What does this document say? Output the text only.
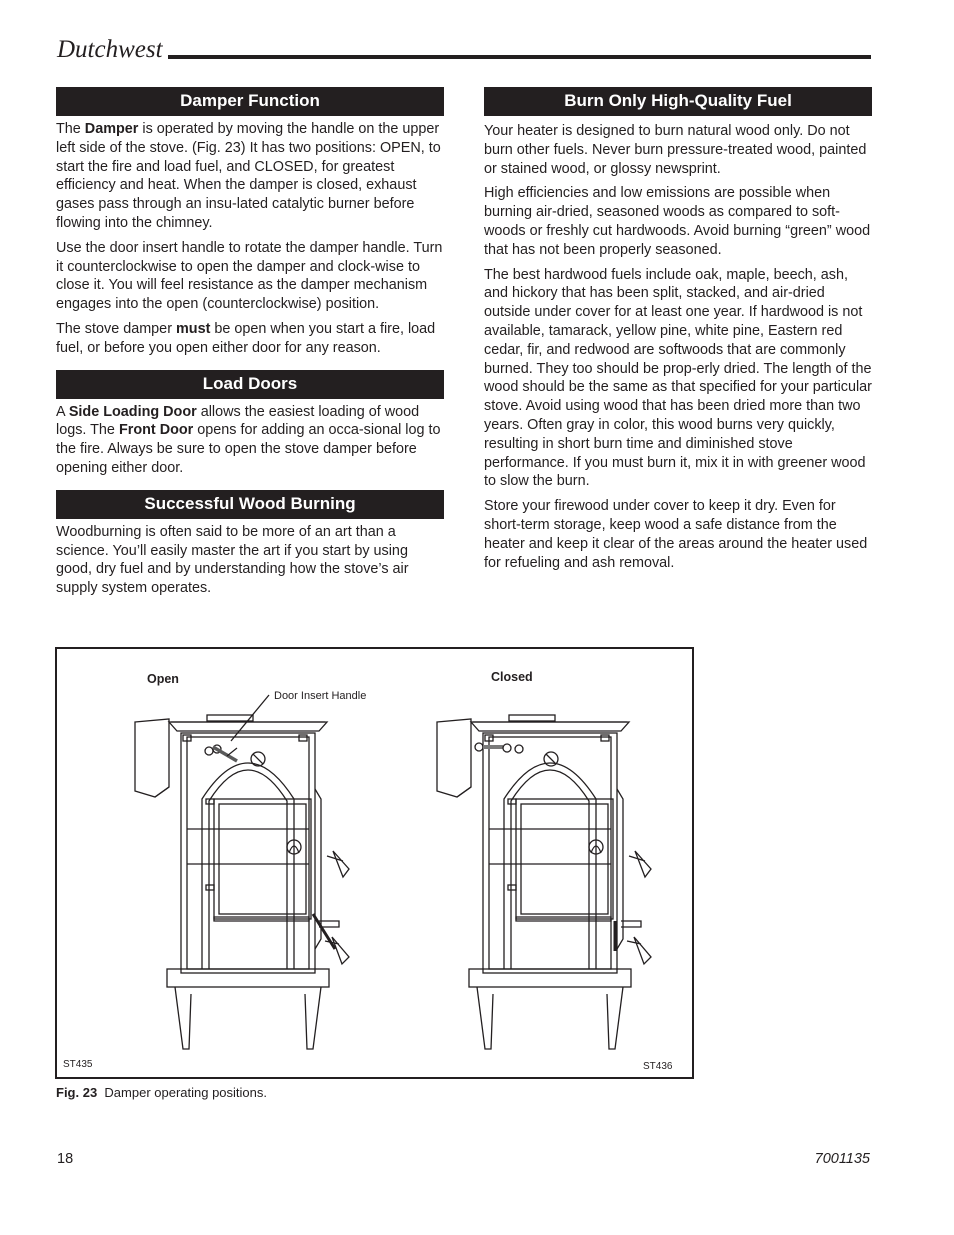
Dutchwest
Damper Function

The Damper is operated by moving the handle on the upper left side of the stove. (Fig. 23) It has two positions: OPEN, to start the fire and load fuel, and CLOSED, for greatest efficiency and heat. When the damper is closed, exhaust gases pass through an insu-lated catalytic burner before flowing into the chimney.

Use the door insert handle to rotate the damper handle. Turn it counterclockwise to open the damper and clock-wise to close it. You will feel resistance as the damper mechanism engages into the open (counterclockwise) position.

The stove damper must be open when you start a fire, load fuel, or before you open either door for any reason.

Load Doors

A Side Loading Door allows the easiest loading of wood logs. The Front Door opens for adding an occa-sional log to the fire. Always be sure to open the stove damper before opening either door.

Successful Wood Burning

Woodburning is often said to be more of an art than a science. You’ll easily master the art if you start by using good, dry fuel and by understanding how the stove’s air supply system operates.

Burn Only High-Quality Fuel

Your heater is designed to burn natural wood only. Do not burn other fuels. Never burn pressure-treated wood, painted or stained wood, or glossy newsprint.

High efficiencies and low emissions are possible when burning air-dried, seasoned woods as compared to soft-woods or freshly cut hardwoods. Avoid burning “green” wood that has not been properly seasoned.

The best hardwood fuels include oak, maple, beech, ash, and hickory that has been split, stacked, and air-dried outside under cover for at least one year. If hardwood is not available, tamarack, yellow pine, white pine, Eastern red cedar, fir, and redwood are softwoods that are commonly burned. They too should be prop-erly dried. The length of the wood should be the same as that specified for your particular stove. Avoid using wood that has been dried more than two years. Often gray in color, this wood burns very quickly, resulting in short burn time and diminished stove performance. If you must burn it, mix it in with greener wood to slow the burn.

Store your firewood under cover to keep it dry. Even for short-term storage, keep wood a safe distance from the heater and keep it clear of the areas around the heater used for refueling and ash removal.

Open	Closed
Door Insert Handle
ST435	ST436
Fig. 23  Damper operating positions.
18	7001135
